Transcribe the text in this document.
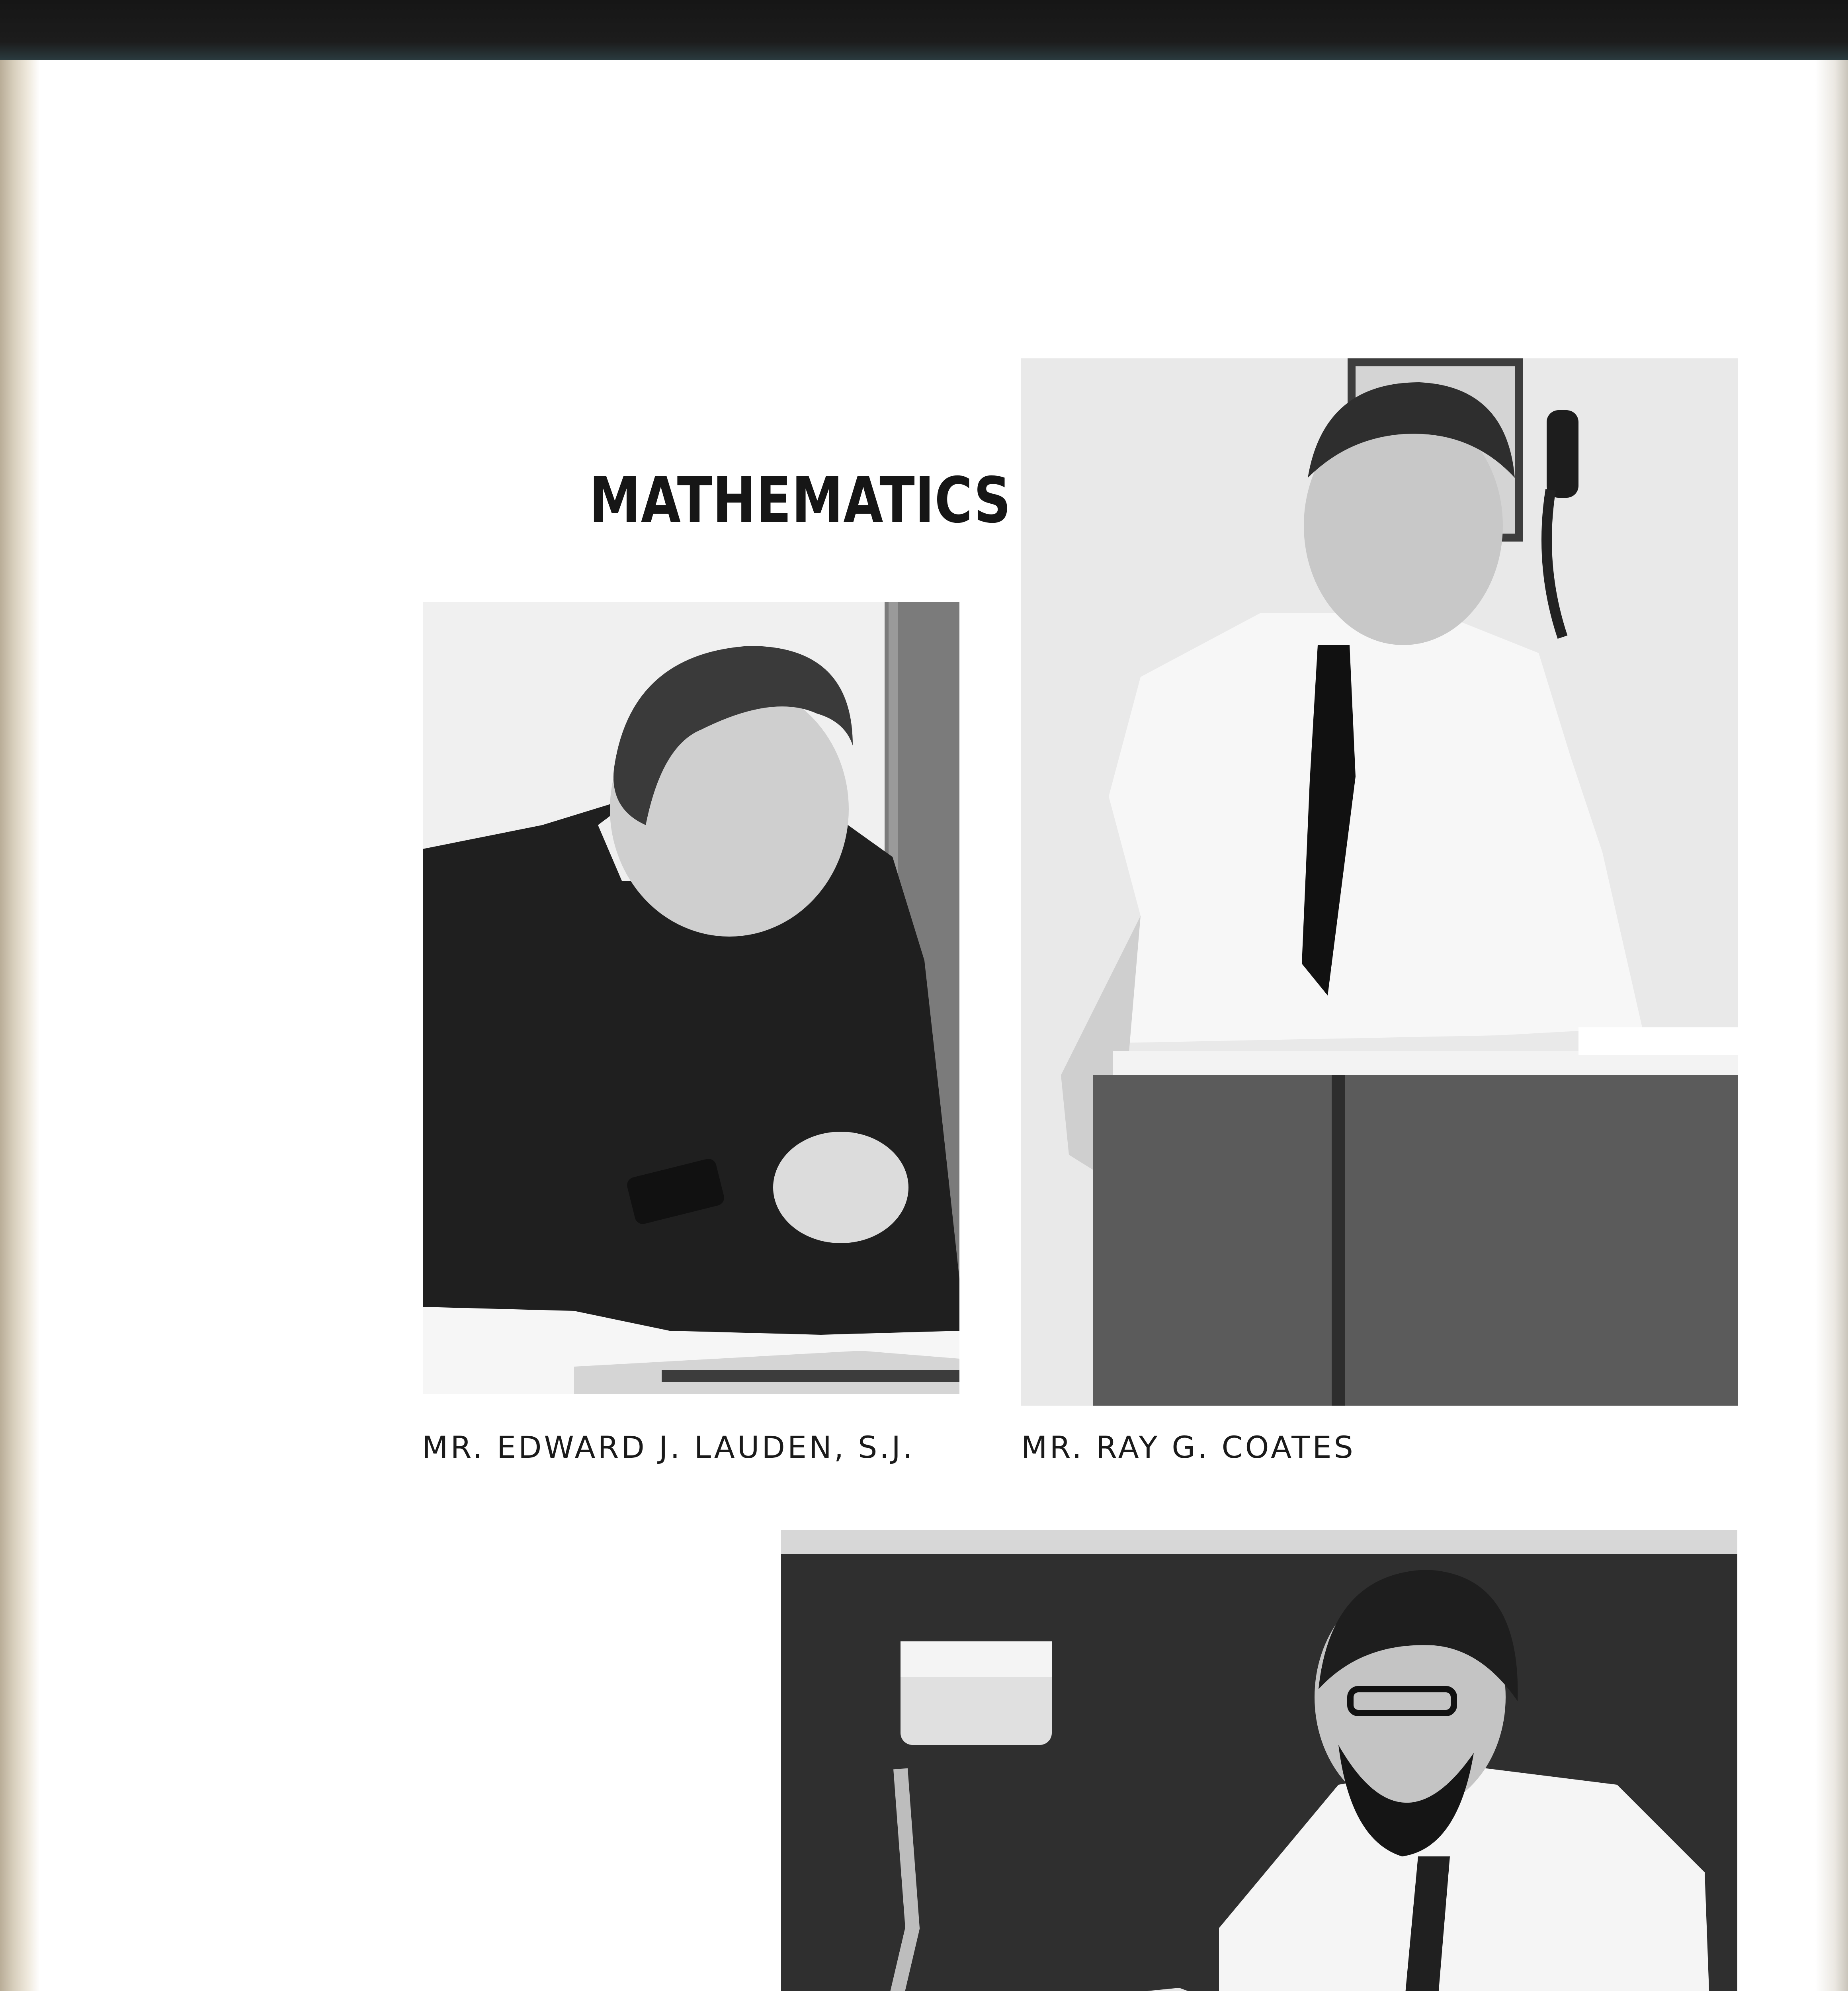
MATHEMATICS
MR. EDWARD J. LAUDEN, S.J.	MR. RAY G. COATES
